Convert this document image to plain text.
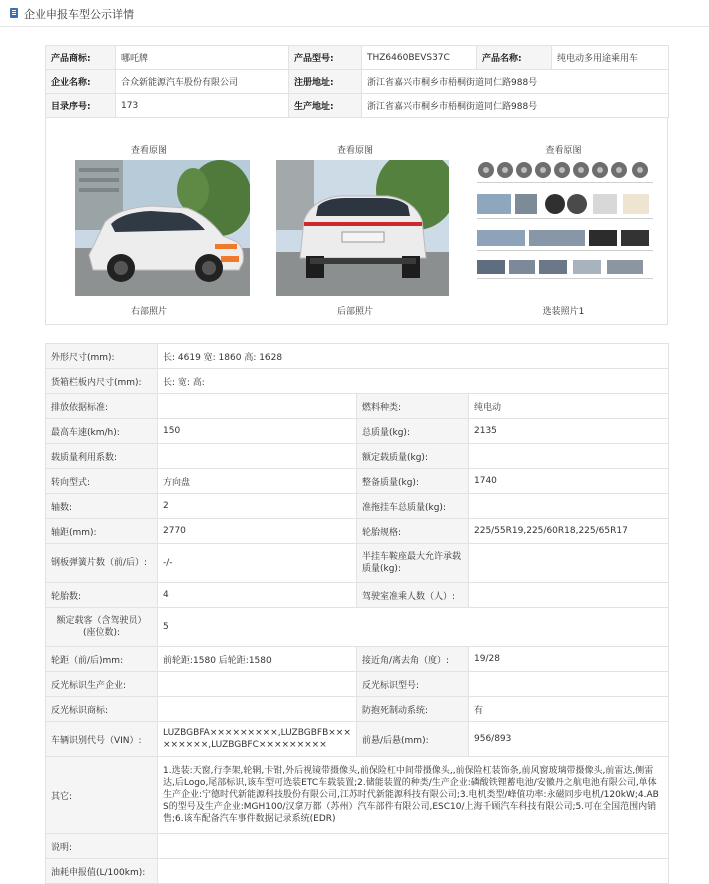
企业申报车型公示详情
产品商标:	哪吒牌	产品型号:	THZ6460BEVS37C	产品名称:	纯电动多用途乘用车
企业名称:	合众新能源汽车股份有限公司	注册地址:	浙江省嘉兴市桐乡市梧桐街道同仁路988号		
目录序号:	173	生产地址:	浙江省嘉兴市桐乡市梧桐街道同仁路988号		
查看原图
右部照片
查看原图
后部照片
查看原图
选装照片1
外形尺寸(mm):	长: 4619 宽: 1860 高: 1628		
货箱栏板内尺寸(mm):	长: 宽: 高:		
排放依据标准:		燃料种类:	纯电动
最高车速(km/h):	150	总质量(kg):	2135
载质量利用系数:		额定载质量(kg):	
转向型式:	方向盘	整备质量(kg):	1740
轴数:	2	准拖挂车总质量(kg):	
轴距(mm):	2770	轮胎规格:	225/55R19,225/60R18,225/65R17
钢板弹簧片数（前/后）:	-/-	半挂车鞍座最大允许承载质量(kg):	
轮胎数:	4	驾驶室准乘人数（人）:	
额定载客（含驾驶员）(座位数):	5		
轮距（前/后)mm:	前轮距:1580 后轮距:1580	接近角/离去角（度）:	19/28
反光标识生产企业:		反光标识型号:	
反光标识商标:		防抱死制动系统:	有
车辆识别代号（VIN）:	LUZBGBFA×××××××××,LUZBGBFB×××××××××,LUZBGBFC×××××××××	前悬/后悬(mm):	956/893
其它:	1.选装:天窗,行李架,轮辋,卡钳,外后视镜带摄像头,前保险杠中间带摄像头,,前保险杠装饰条,前风窗玻璃带摄像头,前雷达,侧雷达,后Logo,尾部标识,该车型可选装ETC车载装置;2.储能装置的种类/生产企业:磷酸铁锂蓄电池/安徽丹之航电池有限公司,单体生产企业:宁德时代新能源科技股份有限公司,江苏时代新能源科技有限公司;3.电机类型/峰值功率:永磁同步电机/120kW;4.ABS的型号及生产企业:MGH100/汉拿万都（苏州）汽车部件有限公司,ESC10/上海千顾汽车科技有限公司;5.可在全国范围内销售;6.该车配备汽车事件数据记录系统(EDR)		
说明:			
油耗申报值(L/100km):			
